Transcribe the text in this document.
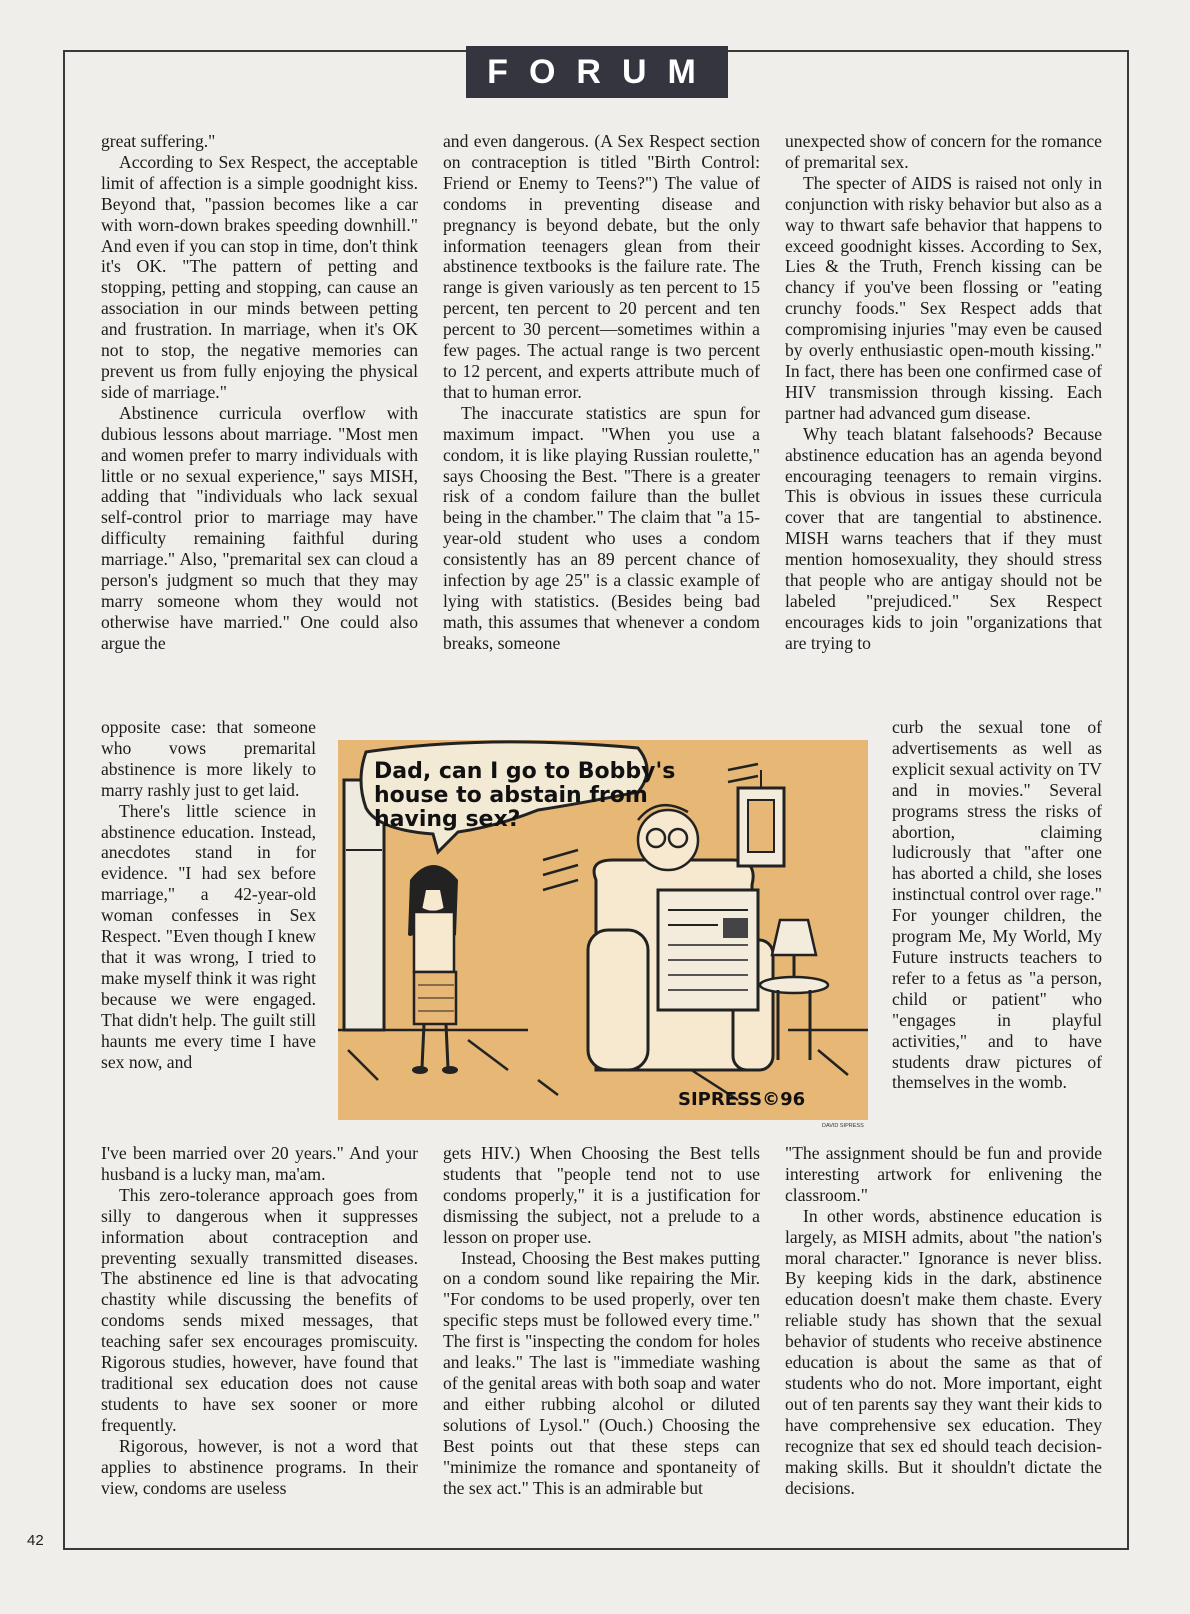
FORUM

great suffering."

According to Sex Respect, the acceptable limit of affection is a simple goodnight kiss. Beyond that, "passion becomes like a car with worn-down brakes speeding downhill." And even if you can stop in time, don't think it's OK. "The pattern of petting and stopping, petting and stopping, can cause an association in our minds between petting and frustration. In marriage, when it's OK not to stop, the negative memories can prevent us from fully enjoying the physical side of marriage."

Abstinence curricula overflow with dubious lessons about marriage. "Most men and women prefer to marry individuals with little or no sexual experience," says MISH, adding that "individuals who lack sexual self-control prior to marriage may have difficulty remaining faithful during marriage." Also, "premarital sex can cloud a person's judgment so much that they may marry someone whom they would not otherwise have married." One could also argue the

opposite case: that someone who vows premarital abstinence is more likely to marry rashly just to get laid.

There's little science in abstinence education. Instead, anecdotes stand in for evidence. "I had sex before marriage," a 42-year-old woman confesses in Sex Respect. "Even though I knew that it was wrong, I tried to make myself think it was right because we were engaged. That didn't help. The guilt still haunts me every time I have sex now, and

I've been married over 20 years." And your husband is a lucky man, ma'am.

This zero-tolerance approach goes from silly to dangerous when it suppresses information about contraception and preventing sexually transmitted diseases. The abstinence ed line is that advocating chastity while discussing the benefits of condoms sends mixed messages, that teaching safer sex encourages promiscuity. Rigorous studies, however, have found that traditional sex education does not cause students to have sex sooner or more frequently.

Rigorous, however, is not a word that applies to abstinence programs. In their view, condoms are useless

and even dangerous. (A Sex Respect section on contraception is titled "Birth Control: Friend or Enemy to Teens?") The value of condoms in preventing disease and pregnancy is beyond debate, but the only information teenagers glean from their abstinence textbooks is the failure rate. The range is given variously as ten percent to 15 percent, ten percent to 20 percent and ten percent to 30 percent—sometimes within a few pages. The actual range is two percent to 12 percent, and experts attribute much of that to human error.

The inaccurate statistics are spun for maximum impact. "When you use a condom, it is like playing Russian roulette," says Choosing the Best. "There is a greater risk of a condom failure than the bullet being in the chamber." The claim that "a 15-year-old student who uses a condom consistently has an 89 percent chance of infection by age 25" is a classic example of lying with statistics. (Besides being bad math, this assumes that whenever a condom breaks, someone

gets HIV.) When Choosing the Best tells students that "people tend not to use condoms properly," it is a justification for dismissing the subject, not a prelude to a lesson on proper use.

Instead, Choosing the Best makes putting on a condom sound like repairing the Mir. "For condoms to be used properly, over ten specific steps must be followed every time." The first is "inspecting the condom for holes and leaks." The last is "immediate washing of the genital areas with both soap and water and either rubbing alcohol or diluted solutions of Lysol." (Ouch.) Choosing the Best points out that these steps can "minimize the romance and spontaneity of the sex act." This is an admirable but

unexpected show of concern for the romance of premarital sex.

The specter of AIDS is raised not only in conjunction with risky behavior but also as a way to thwart safe behavior that happens to exceed goodnight kisses. According to Sex, Lies & the Truth, French kissing can be chancy if you've been flossing or "eating crunchy foods." Sex Respect adds that compromising injuries "may even be caused by overly enthusiastic open-mouth kissing." In fact, there has been one confirmed case of HIV transmission through kissing. Each partner had advanced gum disease.

Why teach blatant falsehoods? Because abstinence education has an agenda beyond encouraging teenagers to remain virgins. This is obvious in issues these curricula cover that are tangential to abstinence. MISH warns teachers that if they must mention homosexuality, they should stress that people who are antigay should not be labeled "prejudiced." Sex Respect encourages kids to join "organizations that are trying to

curb the sexual tone of advertisements as well as explicit sexual activity on TV and in movies." Several programs stress the risks of abortion, claiming ludicrously that "after one has aborted a child, she loses instinctual control over rage." For younger children, the program Me, My World, My Future instructs teachers to refer to a fetus as "a person, child or patient" who "engages in playful activities," and to have students draw pictures of themselves in the womb.

"The assignment should be fun and provide interesting artwork for enlivening the classroom."

In other words, abstinence education is largely, as MISH admits, about "the nation's moral character." Ignorance is never bliss. By keeping kids in the dark, abstinence education doesn't make them chaste. Every reliable study has shown that the sexual behavior of students who receive abstinence education is about the same as that of students who do not. More important, eight out of ten parents say they want their kids to have comprehensive sex education. They recognize that sex ed should teach decision-making skills. But it shouldn't dictate the decisions.

Dad, can I go to Bobby's
house to abstain from
having sex?
SIPRESS©96
DAVID SIPRESS
42
